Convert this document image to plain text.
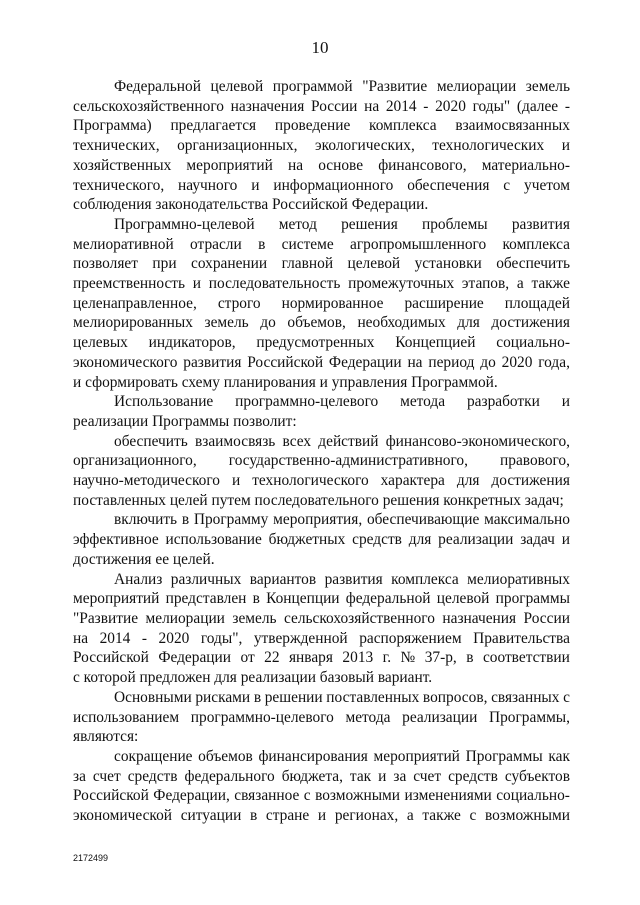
10
Федеральной целевой программой "Развитие мелиорации земель
сельскохозяйственного назначения России на 2014 - 2020 годы" (далее -
Программа) предлагается проведение комплекса взаимосвязанных
технических, организационных, экологических, технологических и
хозяйственных мероприятий на основе финансового, материально-
технического, научного и информационного обеспечения с учетом
соблюдения законодательства Российской Федерации.
Программно-целевой метод решения проблемы развития
мелиоративной отрасли в системе агропромышленного комплекса
позволяет при сохранении главной целевой установки обеспечить
преемственность и последовательность промежуточных этапов, а также
целенаправленное, строго нормированное расширение площадей
мелиорированных земель до объемов, необходимых для достижения
целевых индикаторов, предусмотренных Концепцией социально-
экономического развития Российской Федерации на период до 2020 года,
и сформировать схему планирования и управления Программой.
Использование программно-целевого метода разработки и
реализации Программы позволит:
обеспечить взаимосвязь всех действий финансово-экономического,
организационного, государственно-административного, правового,
научно-методического и технологического характера для достижения
поставленных целей путем последовательного решения конкретных задач;
включить в Программу мероприятия, обеспечивающие максимально
эффективное использование бюджетных средств для реализации задач и
достижения ее целей.
Анализ различных вариантов развития комплекса мелиоративных
мероприятий представлен в Концепции федеральной целевой программы
"Развитие мелиорации земель сельскохозяйственного назначения России
на 2014 - 2020 годы", утвержденной распоряжением Правительства
Российской Федерации от 22 января 2013 г. № 37-р, в соответствии
с которой предложен для реализации базовый вариант.
Основными рисками в решении поставленных вопросов, связанных с
использованием программно-целевого метода реализации Программы,
являются:
сокращение объемов финансирования мероприятий Программы как
за счет средств федерального бюджета, так и за счет средств субъектов
Российской Федерации, связанное с возможными изменениями социально-
экономической ситуации в стране и регионах, а также с возможными
2172499
